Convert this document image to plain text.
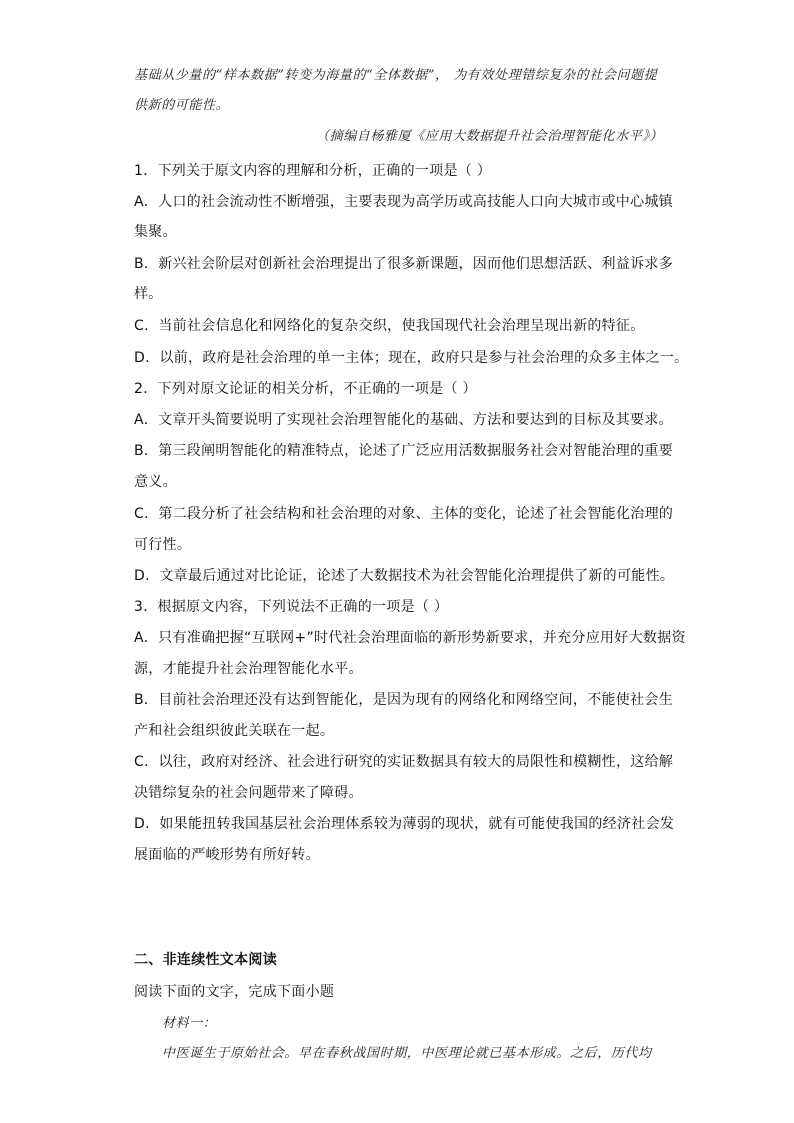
基础从少量的“样本数据”转变为海量的“全体数据”， 为有效处理错综复杂的社会问题提
供新的可能性。
（摘编自杨雅厦《应用大数据提升社会治理智能化水平》）
1．下列关于原文内容的理解和分析，正确的一项是（ ）
A．人口的社会流动性不断增强，主要表现为高学历或高技能人口向大城市或中心城镇
集聚。
B．新兴社会阶层对创新社会治理提出了很多新课题，因而他们思想活跃、利益诉求多
样。
C．当前社会信息化和网络化的复杂交织，使我国现代社会治理呈现出新的特征。
D．以前，政府是社会治理的单一主体；现在，政府只是参与社会治理的众多主体之一。
2．下列对原文论证的相关分析，不正确的一项是（ ）
A．文章开头简要说明了实现社会治理智能化的基础、方法和要达到的目标及其要求。
B．第三段阐明智能化的精准特点，论述了广泛应用活数据服务社会对智能治理的重要
意义。
C．第二段分析了社会结构和社会治理的对象、主体的变化，论述了社会智能化治理的
可行性。
D．文章最后通过对比论证，论述了大数据技术为社会智能化治理提供了新的可能性。
3．根据原文内容，下列说法不正确的一项是（ ）
A．只有准确把握“互联网+”时代社会治理面临的新形势新要求，并充分应用好大数据资
源，才能提升社会治理智能化水平。
B．目前社会治理还没有达到智能化，是因为现有的网络化和网络空间，不能使社会生
产和社会组织彼此关联在一起。
C．以往，政府对经济、社会进行研究的实证数据具有较大的局限性和模糊性，这给解
决错综复杂的社会问题带来了障碍。
D．如果能扭转我国基层社会治理体系较为薄弱的现状，就有可能使我国的经济社会发
展面临的严峻形势有所好转。
二、非连续性文本阅读
阅读下面的文字，完成下面小题
材料一：
中医诞生于原始社会。早在春秋战国时期，中医理论就已基本形成。之后，历代均
